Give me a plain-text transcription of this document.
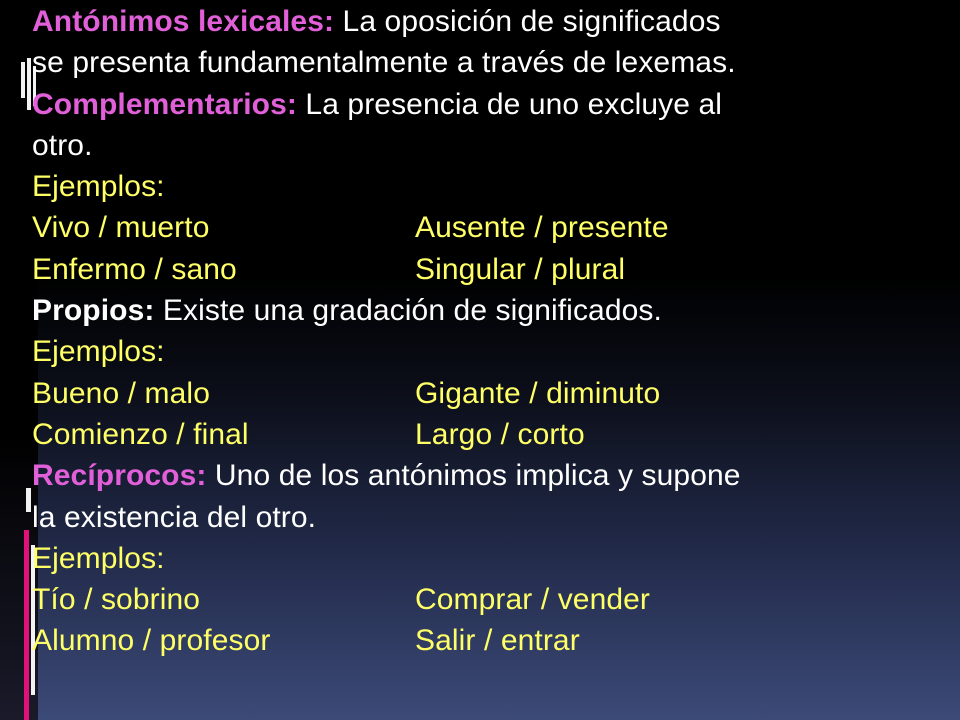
Antónimos lexicales: La oposición de significados
se presenta fundamentalmente a través de lexemas.
Complementarios: La presencia de uno excluye al
otro.
Ejemplos:
Vivo / muerto	Ausente / presente
Enfermo / sano	Singular / plural
Propios: Existe una gradación de significados.
Ejemplos:
Bueno / malo	Gigante / diminuto
Comienzo / final	Largo / corto
Recíprocos: Uno de los antónimos implica y supone
la existencia del otro.
Ejemplos:
Tío / sobrino	Comprar / vender
Alumno / profesor	Salir / entrar
